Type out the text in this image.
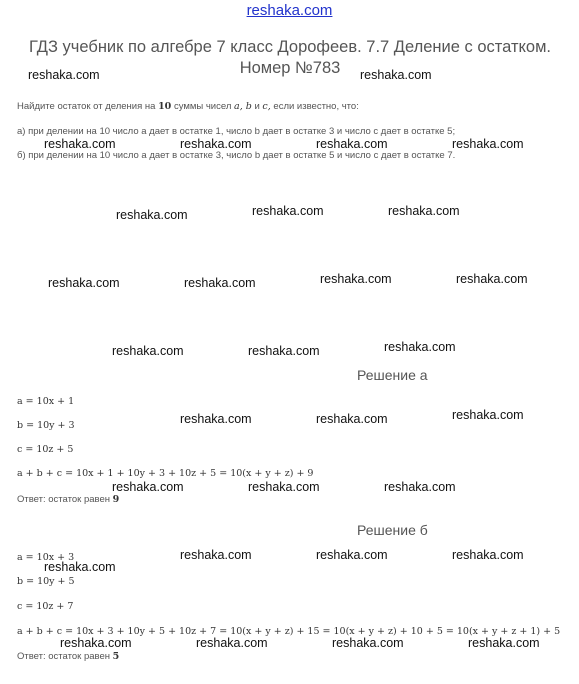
reshaka.com
ГДЗ учебник по алгебре 7 класс Дорофеев. 7.7 Деление с остатком. Номер №783
Найдите остаток от деления на 10 суммы чисел a, b и c, если известно, что:
а) при делении на 10 число a дает в остатке 1, число b дает в остатке 3 и число c дает в остатке 5;
б) при делении на 10 число a дает в остатке 3, число b дает в остатке 5 и число c дает в остатке 7.
Решение а
a = 10x + 1
b = 10y + 3
c = 10z + 5
a + b + c = 10x + 1 + 10y + 3 + 10z + 5 = 10(x + y + z) + 9
Ответ: остаток равен 9
Решение б
a = 10x + 3
b = 10y + 5
c = 10z + 7
a + b + c = 10x + 3 + 10y + 5 + 10z + 7 = 10(x + y + z) + 15 = 10(x + y + z) + 10 + 5 = 10(x + y + z + 1) + 5
Ответ: остаток равен 5
reshaka.com	reshaka.com
reshaka.com	reshaka.com	reshaka.com	reshaka.com
reshaka.com	reshaka.com	reshaka.com
reshaka.com	reshaka.com	reshaka.com	reshaka.com
reshaka.com	reshaka.com	reshaka.com
reshaka.com	reshaka.com	reshaka.com
reshaka.com	reshaka.com	reshaka.com
reshaka.com	reshaka.com	reshaka.com
reshaka.com
reshaka.com	reshaka.com	reshaka.com	reshaka.com
